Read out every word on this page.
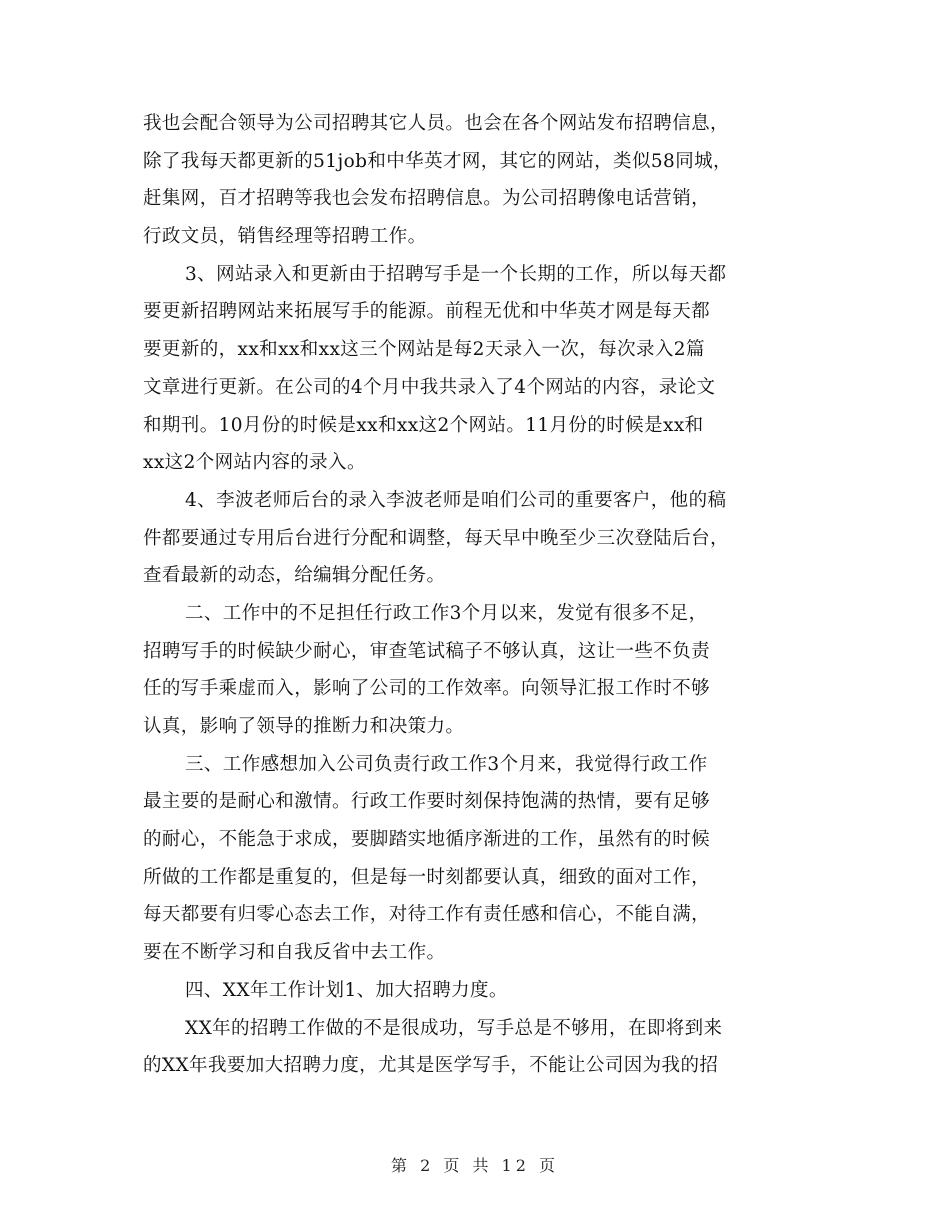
我也会配合领导为公司招聘其它人员。也会在各个网站发布招聘信息，
除了我每天都更新的51job和中华英才网，其它的网站，类似58同城，
赶集网，百才招聘等我也会发布招聘信息。为公司招聘像电话营销，
行政文员，销售经理等招聘工作。
3、网站录入和更新由于招聘写手是一个长期的工作，所以每天都
要更新招聘网站来拓展写手的能源。前程无优和中华英才网是每天都
要更新的，xx和xx和xx这三个网站是每2天录入一次，每次录入2篇
文章进行更新。在公司的4个月中我共录入了4个网站的内容，录论文
和期刊。10月份的时候是xx和xx这2个网站。11月份的时候是xx和
xx这2个网站内容的录入。
4、李波老师后台的录入李波老师是咱们公司的重要客户，他的稿
件都要通过专用后台进行分配和调整，每天早中晚至少三次登陆后台，
查看最新的动态，给编辑分配任务。
二、工作中的不足担任行政工作3个月以来，发觉有很多不足，
招聘写手的时候缺少耐心，审查笔试稿子不够认真，这让一些不负责
任的写手乘虚而入，影响了公司的工作效率。向领导汇报工作时不够
认真，影响了领导的推断力和决策力。
三、工作感想加入公司负责行政工作3个月来，我觉得行政工作
最主要的是耐心和激情。行政工作要时刻保持饱满的热情，要有足够
的耐心，不能急于求成，要脚踏实地循序渐进的工作，虽然有的时候
所做的工作都是重复的，但是每一时刻都要认真，细致的面对工作，
每天都要有归零心态去工作，对待工作有责任感和信心，不能自满，
要在不断学习和自我反省中去工作。
四、XX年工作计划1、加大招聘力度。
XX年的招聘工作做的不是很成功，写手总是不够用，在即将到来
的XX年我要加大招聘力度，尤其是医学写手，不能让公司因为我的招
第 2 页 共 12 页
